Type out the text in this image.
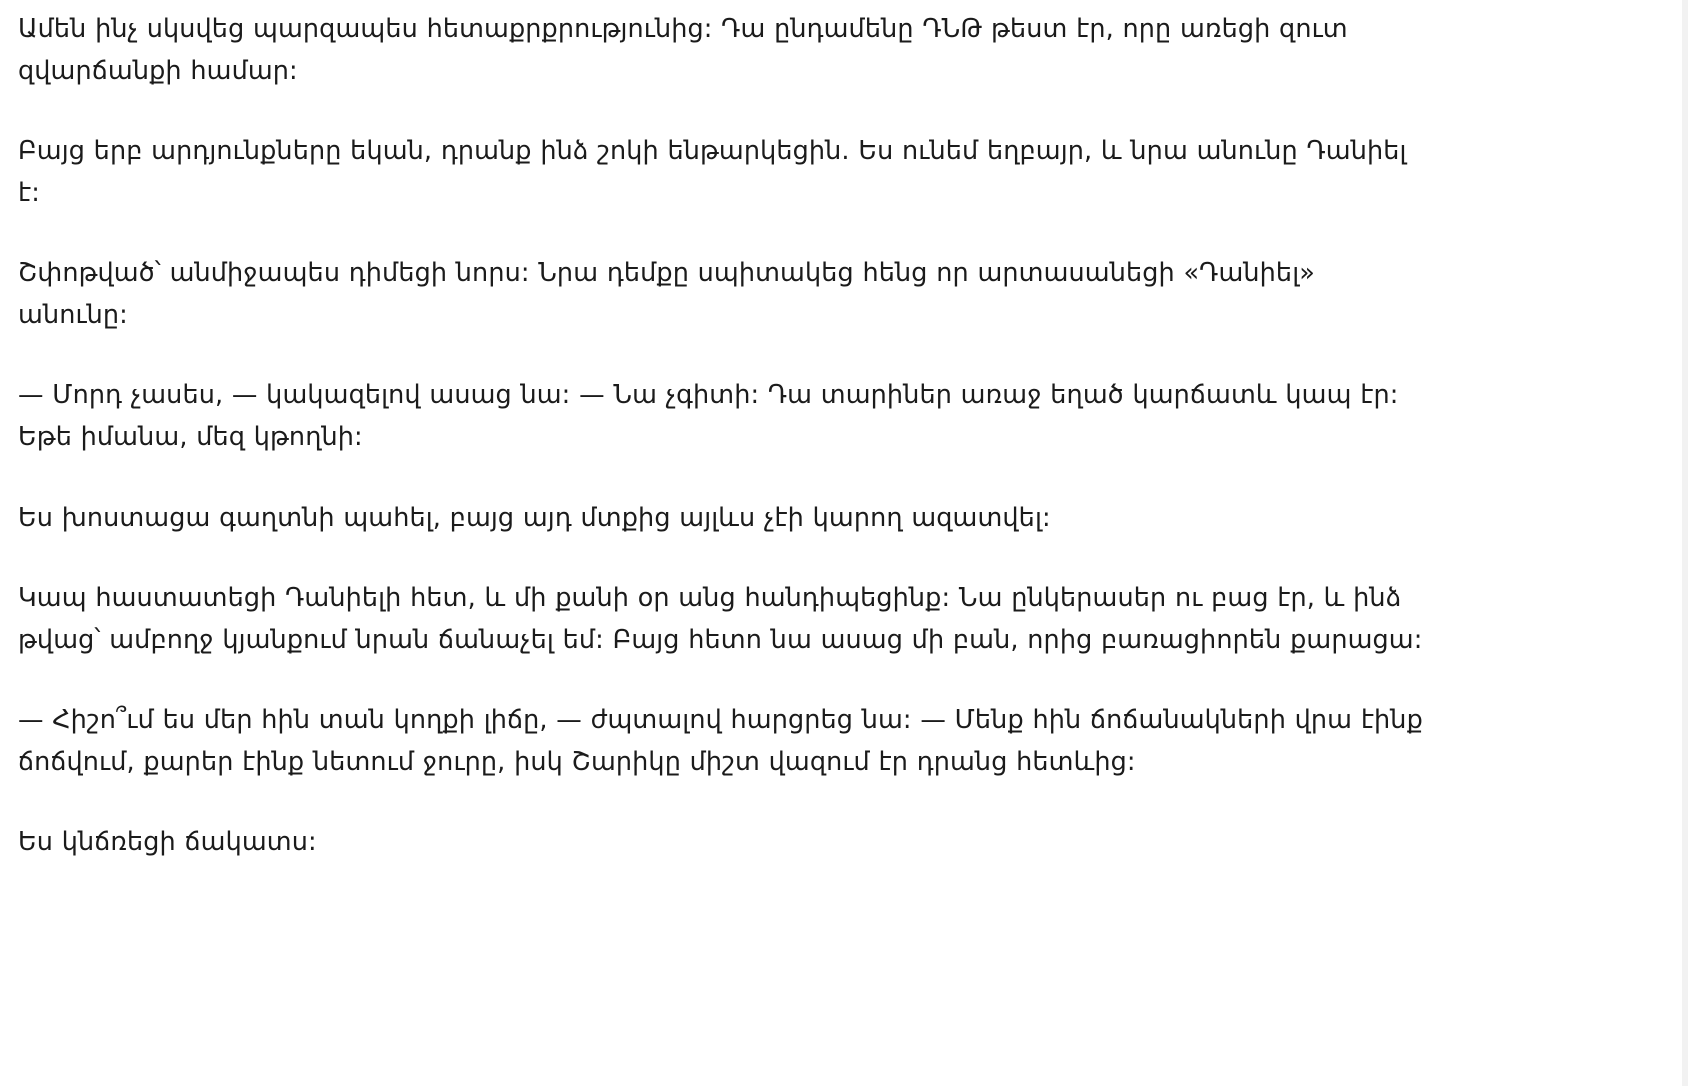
Ամեն ինչ սկսվեց պարզապես հետաքրքրությունից: Դա ընդամենը ԴՆԹ թեստ էր, որը առեցի զուտ զվարճանքի համար:

Բայց երբ արդյունքները եկան, դրանք ինձ շոկի ենթարկեցին. Ես ունեմ եղբայր, և նրա անունը Դանիել է:

Շփոթված՝ անմիջապես դիմեցի նորս: Նրա դեմքը սպիտակեց հենց որ արտասանեցի «Դանիել» անունը:

— Մորդ չասես, — կակազելով ասաց նա: — Նա չգիտի: Դա տարիներ առաջ եղած կարճատև կապ էր: Եթե իմանա, մեզ կթողնի:

Ես խոստացա գաղտնի պահել, բայց այդ մտքից այլևս չէի կարող ազատվել:

Կապ հաստատեցի Դանիելի հետ, և մի քանի օր անց հանդիպեցինք: Նա ընկերասեր ու բաց էր, և ինձ թվաց՝ ամբողջ կյանքում նրան ճանաչել եմ: Բայց հետո նա ասաց մի բան, որից բառացիորեն քարացա:

— Հիշո՞ւմ ես մեր հին տան կողքի լիճը, — ժպտալով հարցրեց նա: — Մենք հին ճոճանակների վրա էինք ճոճվում, քարեր էինք նետում ջուրը, իսկ Շարիկը միշտ վազում էր դրանց հետևից:

Ես կնճռեցի ճակատս:
